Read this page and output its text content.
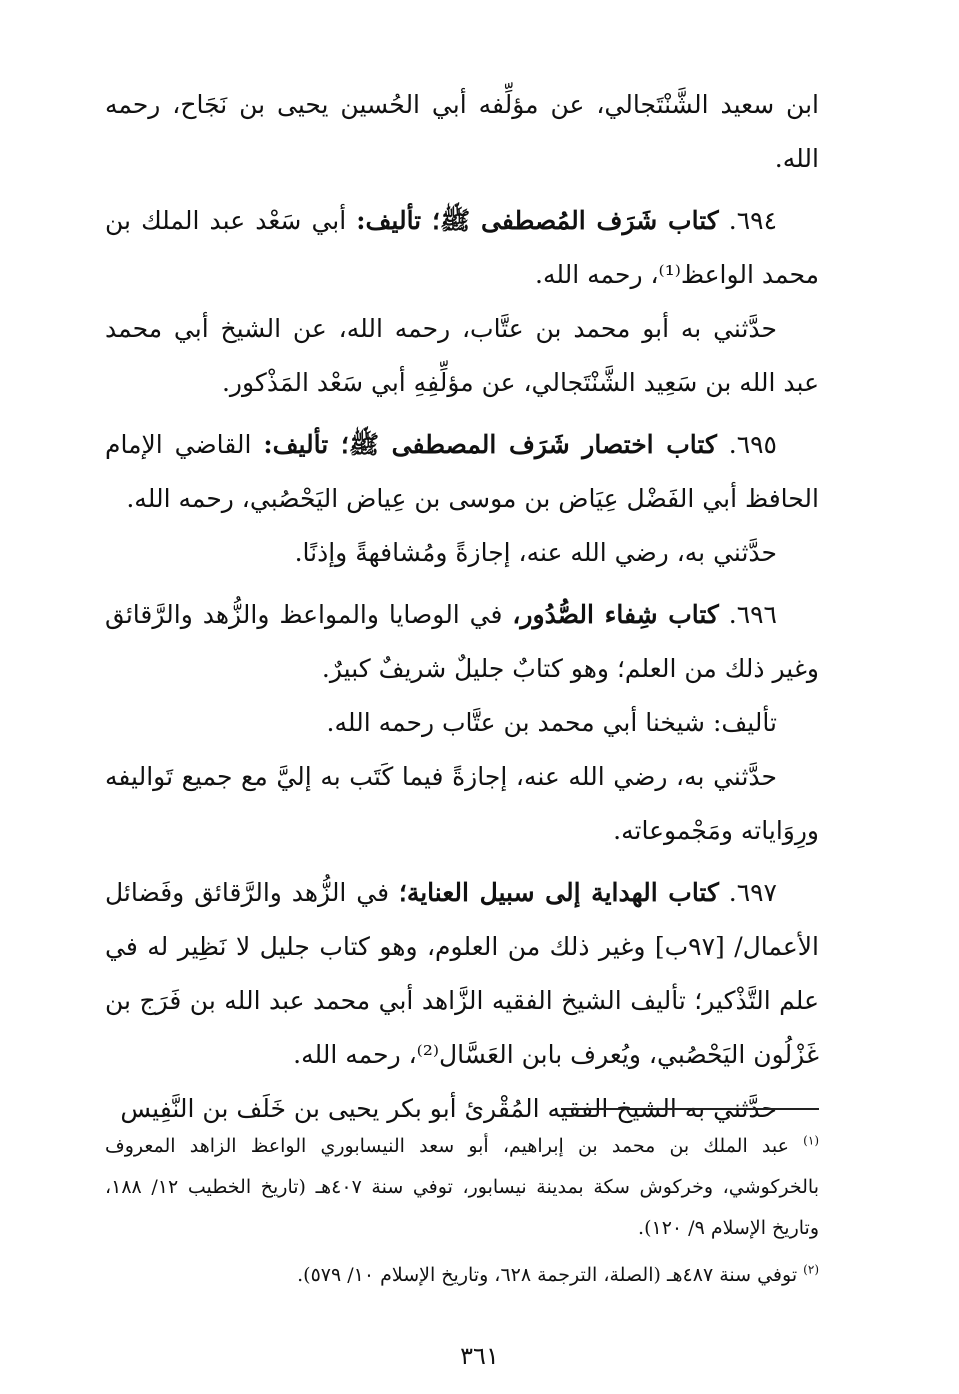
ابن سعيد الشَّنْتَجالي، عن مؤلِّفه أبي الحُسين يحيى بن نَجَاح، رحمه الله.

٦٩٤. كتاب شَرَف المُصطفى ﷺ؛ تأليف: أبي سَعْد عبد الملك بن محمد الواعظ⁽¹⁾، رحمه الله.

حدَّثني به أبو محمد بن عتَّاب، رحمه الله، عن الشيخ أبي محمد عبد الله بن سَعِيد الشَّنْتَجالي، عن مؤلِّفِهِ أبي سَعْد المَذْكور.

٦٩٥. كتاب اختصار شَرَف المصطفى ﷺ؛ تأليف: القاضي الإمام الحافظ أبي الفَضْل عِيَاض بن موسى بن عِياض اليَحْصُبي، رحمه الله.

حدَّثني به، رضي الله عنه، إجازةً ومُشافهةً وإذنًا.

٦٩٦. كتاب شِفاء الصُّدُور، في الوصايا والمواعظ والزُّهد والرَّقائق وغير ذلك من العلم؛ وهو كتابٌ جليلٌ شريفٌ كبيرٌ.

تأليف: شيخنا أبي محمد بن عتَّاب رحمه الله.

حدَّثني به، رضي الله عنه، إجازةً فيما كَتَب به إليَّ مع جميع تَواليفه ورِوَاياته ومَجْموعاته.

٦٩٧. كتاب الهداية إلى سبيل العناية؛ في الزُّهد والرَّقائق وفَضائل الأعمال/ [٩٧ب] وغير ذلك من العلوم، وهو كتاب جليل لا نَظِير له في علم التَّذْكير؛ تأليف الشيخ الفقيه الزَّاهد أبي محمد عبد الله بن فَرَج بن غَزْلُون اليَحْصُبي، ويُعرف بابن العَسَّال⁽²⁾، رحمه الله.

حدَّثني به الشيخ الفقيه المُقْرئ أبو بكر يحيى بن خَلَف بن النَّفِيس

$^{(١)}$ عبد الملك بن محمد بن إبراهيم، أبو سعد النيسابوري الواعظ الزاهد المعروف بالخركوشي، وخركوش سكة بمدينة نيسابور، توفي سنة ٤٠٧هـ (تاريخ الخطيب ١٢/ ١٨٨، وتاريخ الإسلام ٩/ ١٢٠).

$^{(٢)}$ توفي سنة ٤٨٧هـ (الصلة، الترجمة ٦٢٨، وتاريخ الإسلام ١٠/ ٥٧٩).

٣٦١
